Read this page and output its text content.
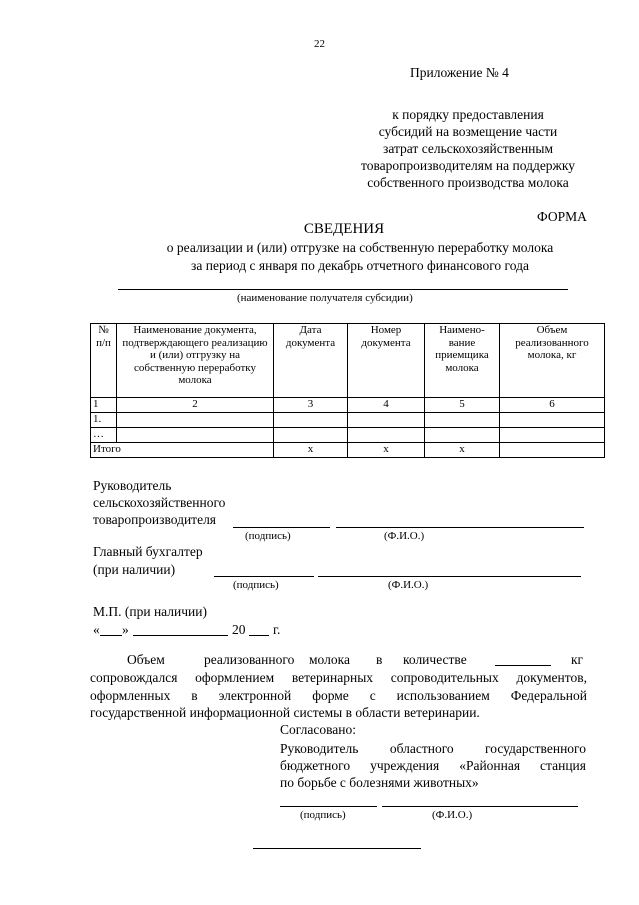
22
Приложение № 4
к порядку предоставления
субсидий на возмещение части
затрат сельскохозяйственным
товаропроизводителям на поддержку
собственного производства молока
ФОРМА
СВЕДЕНИЯ
о реализации и (или) отгрузке на собственную переработку молока
за период с января по декабрь отчетного финансового года
(наименование получателя субсидии)
№ п/п	Наименование документа, подтверждающего реализацию и (или) отгрузку на собственную переработку молока	Дата документа	Номер документа	Наимено-вание приемщика молока	Объем реализованного молока, кг
1	2	3	4	5	6
1.					
…					
Итого		х	х	х	
Руководитель
сельскохозяйственного
товаропроизводителя
(подпись)	(Ф.И.О.)
Главный бухгалтер
(при наличии)
(подпись)	(Ф.И.О.)
М.П. (при наличии)
« »	20 г.
Объем	реализованного молока в количестве	кг
сопровождался оформлением ветеринарных сопроводительных документов,
оформленных в электронной форме с использованием Федеральной
государственной информационной системы в области ветеринарии.
Согласовано:
Руководитель областного государственного
бюджетного учреждения «Районная станция
по борьбе с болезнями животных»
(подпись)	(Ф.И.О.)
